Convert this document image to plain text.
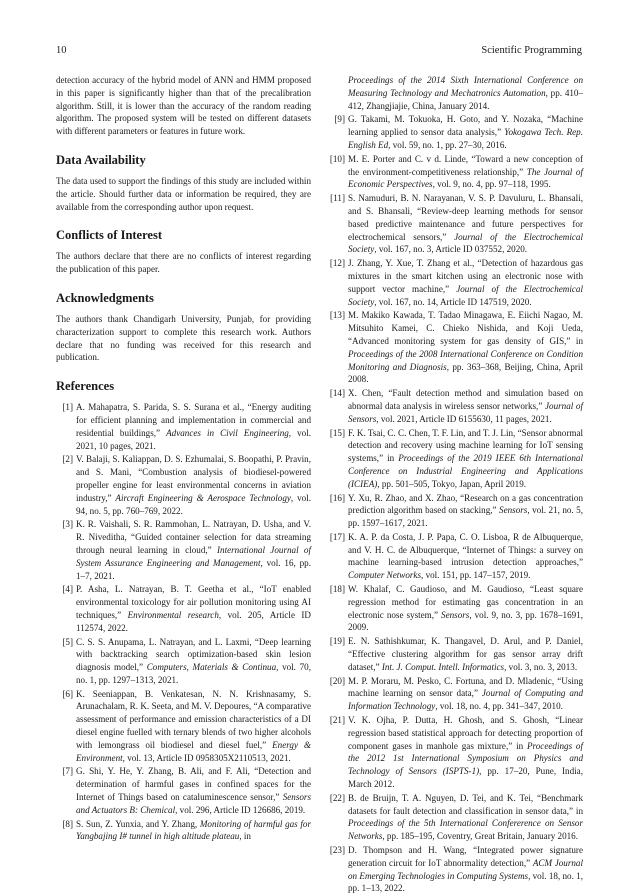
10	Scientific Programming

detection accuracy of the hybrid model of ANN and HMM proposed in this paper is significantly higher than that of the precalibration algorithm. Still, it is lower than the accuracy of the random reading algorithm. The proposed system will be tested on different datasets with different parameters or features in future work.

Data Availability

The data used to support the findings of this study are included within the article. Should further data or information be required, they are available from the corresponding author upon request.

Conflicts of Interest

The authors declare that there are no conflicts of interest regarding the publication of this paper.

Acknowledgments

The authors thank Chandigarh University, Punjab, for providing characterization support to complete this research work. Authors declare that no funding was received for this research and publication.

References
[1] A. Mahapatra, S. Parida, S. S. Surana et al., “Energy auditing for efficient planning and implementation in commercial and residential buildings,” Advances in Civil Engineering, vol. 2021, 10 pages, 2021.
[2] V. Balaji, S. Kaliappan, D. S. Ezhumalai, S. Boopathi, P. Pravin, and S. Mani, “Combustion analysis of biodiesel-powered propeller engine for least environmental concerns in aviation industry,” Aircraft Engineering & Aerospace Technology, vol. 94, no. 5, pp. 760–769, 2022.
[3] K. R. Vaishali, S. R. Rammohan, L. Natrayan, D. Usha, and V. R. Niveditha, “Guided container selection for data streaming through neural learning in cloud,” International Journal of System Assurance Engineering and Management, vol. 16, pp. 1–7, 2021.
[4] P. Asha, L. Natrayan, B. T. Geetha et al., “IoT enabled environmental toxicology for air pollution monitoring using AI techniques,” Environmental research, vol. 205, Article ID 112574, 2022.
[5] C. S. S. Anupama, L. Natrayan, and L. Laxmi, “Deep learning with backtracking search optimization-based skin lesion diagnosis model,” Computers, Materials & Continua, vol. 70, no. 1, pp. 1297–1313, 2021.
[6] K. Seeniappan, B. Venkatesan, N. N. Krishnasamy, S. Arunachalam, R. K. Seeta, and M. V. Depoures, “A comparative assessment of performance and emission characteristics of a DI diesel engine fuelled with ternary blends of two higher alcohols with lemongrass oil biodiesel and diesel fuel,” Energy & Environment, vol. 13, Article ID 0958305X2110513, 2021.
[7] G. Shi, Y. He, Y. Zhang, B. Ali, and F. Ali, “Detection and determination of harmful gases in confined spaces for the Internet of Things based on cataluminescence sensor,” Sensors and Actuators B: Chemical, vol. 296, Article ID 126686, 2019.
[8] S. Sun, Z. Yunxia, and Y. Zhang, Monitoring of harmful gas for Yangbajing I# tunnel in high altitude plateau, in
Proceedings of the 2014 Sixth International Conference on Measuring Technology and Mechatronics Automation, pp. 410–412, Zhangjiajie, China, January 2014.
[9] G. Takami, M. Tokuoka, H. Goto, and Y. Nozaka, “Machine learning applied to sensor data analysis,” Yokogawa Tech. Rep. English Ed, vol. 59, no. 1, pp. 27–30, 2016.
[10] M. E. Porter and C. v d. Linde, “Toward a new conception of the environment-competitiveness relationship,” The Journal of Economic Perspectives, vol. 9, no. 4, pp. 97–118, 1995.
[11] S. Namuduri, B. N. Narayanan, V. S. P. Davuluru, L. Bhansali, and S. Bhansali, “Review-deep learning methods for sensor based predictive maintenance and future perspectives for electrochemical sensors,” Journal of the Electrochemical Society, vol. 167, no. 3, Article ID 037552, 2020.
[12] J. Zhang, Y. Xue, T. Zhang et al., “Detection of hazardous gas mixtures in the smart kitchen using an electronic nose with support vector machine,” Journal of the Electrochemical Society, vol. 167, no. 14, Article ID 147519, 2020.
[13] M. Makiko Kawada, T. Tadao Minagawa, E. Eiichi Nagao, M. Mitsuhito Kamei, C. Chieko Nishida, and Koji Ueda, “Advanced monitoring system for gas density of GIS,” in Proceedings of the 2008 International Conference on Condition Monitoring and Diagnosis, pp. 363–368, Beijing, China, April 2008.
[14] X. Chen, “Fault detection method and simulation based on abnormal data analysis in wireless sensor networks,” Journal of Sensors, vol. 2021, Article ID 6155630, 11 pages, 2021.
[15] F. K. Tsai, C. C. Chen, T. F. Lin, and T. J. Lin, “Sensor abnormal detection and recovery using machine learning for IoT sensing systems,” in Proceedings of the 2019 IEEE 6th International Conference on Industrial Engineering and Applications (ICIEA), pp. 501–505, Tokyo, Japan, April 2019.
[16] Y. Xu, R. Zhao, and X. Zhao, “Research on a gas concentration prediction algorithm based on stacking,” Sensors, vol. 21, no. 5, pp. 1597–1617, 2021.
[17] K. A. P. da Costa, J. P. Papa, C. O. Lisboa, R de Albuquerque, and V. H. C. de Albuquerque, “Internet of Things: a survey on machine learning-based intrusion detection approaches,” Computer Networks, vol. 151, pp. 147–157, 2019.
[18] W. Khalaf, C. Gaudioso, and M. Gaudioso, “Least square regression method for estimating gas concentration in an electronic nose system,” Sensors, vol. 9, no. 3, pp. 1678–1691, 2009.
[19] E. N. Sathishkumar, K. Thangavel, D. Arul, and P. Daniel, “Effective clustering algorithm for gas sensor array drift dataset,” Int. J. Comput. Intell. Informatics, vol. 3, no. 3, 2013.
[20] M. P. Moraru, M. Pesko, C. Fortuna, and D. Mladenic, “Using machine learning on sensor data,” Journal of Computing and Information Technology, vol. 18, no. 4, pp. 341–347, 2010.
[21] V. K. Ojha, P. Dutta, H. Ghosh, and S. Ghosh, “Linear regression based statistical approach for detecting proportion of component gases in manhole gas mixture,” in Proceedings of the 2012 1st International Symposium on Physics and Technology of Sensors (ISPTS-1), pp. 17–20, Pune, India, March 2012.
[22] B. de Bruijn, T. A. Nguyen, D. Tei, and K. Tei, “Benchmark datasets for fault detection and classification in sensor data,” in Proceedings of the 5th International Confererence on Sensor Networks, pp. 185–195, Coventry, Great Britain, January 2016.
[23] D. Thompson and H. Wang, “Integrated power signature generation circuit for IoT abnormality detection,” ACM Journal on Emerging Technologies in Computing Systems, vol. 18, no. 1, pp. 1–13, 2022.
